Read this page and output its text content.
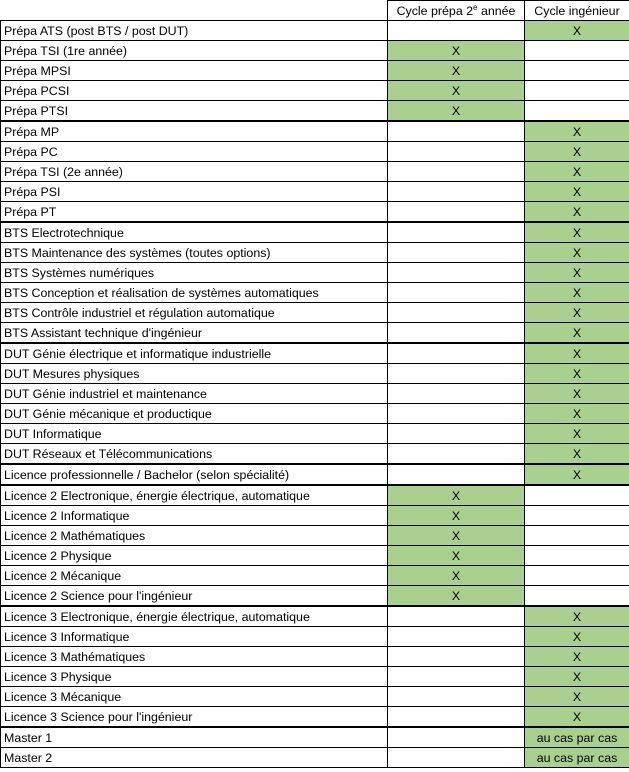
	Cycle prépa 2e année	Cycle ingénieur
Prépa ATS (post BTS / post DUT)		X
Prépa TSI (1re année)	X	
Prépa MPSI	X	
Prépa PCSI	X	
Prépa PTSI	X	
Prépa MP		X
Prépa PC		X
Prépa TSI (2e année)		X
Prépa PSI		X
Prépa PT		X
BTS Electrotechnique		X
BTS Maintenance des systèmes (toutes options)		X
BTS Systèmes numériques		X
BTS Conception et réalisation de systèmes automatiques		X
BTS Contrôle industriel et régulation automatique		X
BTS Assistant technique d'ingénieur		X
DUT Génie électrique et informatique industrielle		X
DUT Mesures physiques		X
DUT Génie industriel et maintenance		X
DUT Génie mécanique et productique		X
DUT Informatique		X
DUT Réseaux et Télécommunications		X
Licence professionnelle / Bachelor (selon spécialité)		X
Licence 2 Electronique, énergie électrique, automatique	X	
Licence 2 Informatique	X	
Licence 2 Mathématiques	X	
Licence 2 Physique	X	
Licence 2 Mécanique	X	
Licence 2 Science pour l'ingénieur	X	
Licence 3 Electronique, énergie électrique, automatique		X
Licence 3 Informatique		X
Licence 3 Mathématiques		X
Licence 3 Physique		X
Licence 3 Mécanique		X
Licence 3 Science pour l'ingénieur		X
Master 1		au cas par cas
Master 2		au cas par cas
